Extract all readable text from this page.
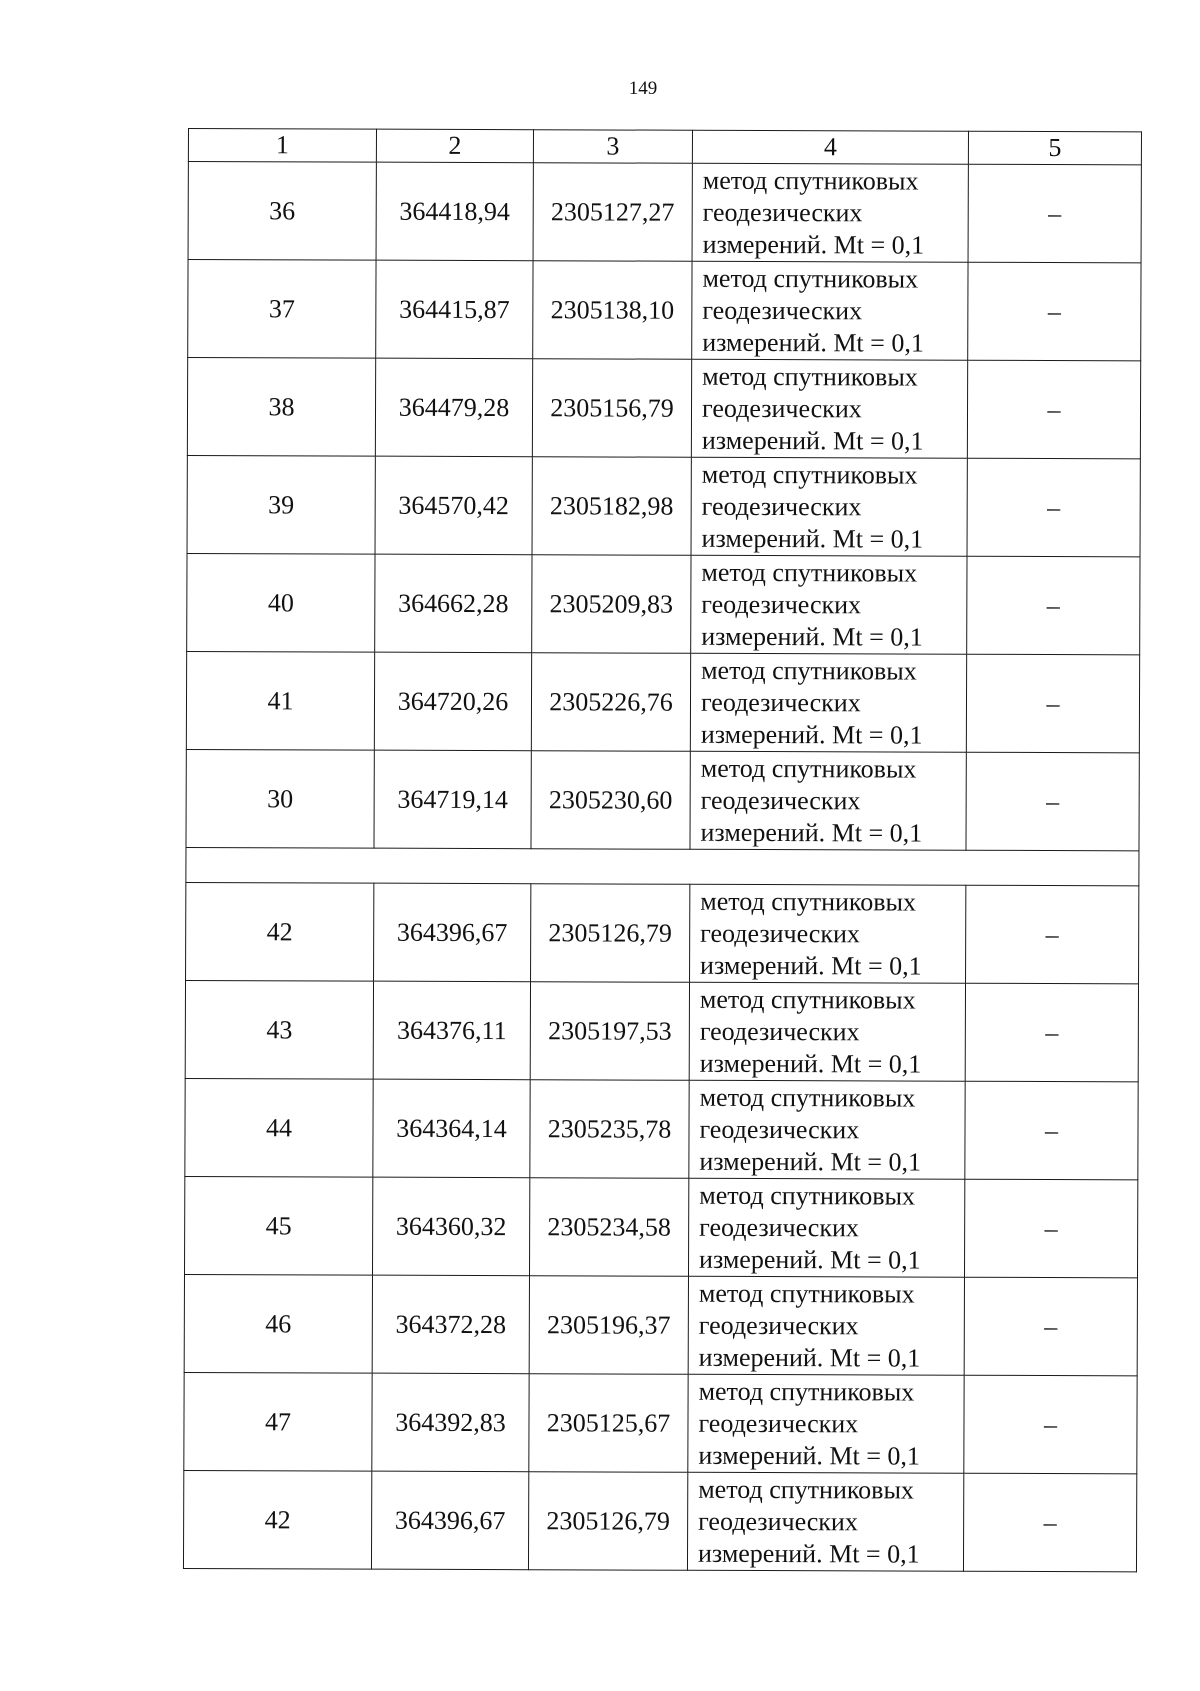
149
1	2	3	4	5
36	364418,94	2305127,27	метод спутниковых
геодезических
измерений. Mt = 0,1	–
37	364415,87	2305138,10	метод спутниковых
геодезических
измерений. Mt = 0,1	–
38	364479,28	2305156,79	метод спутниковых
геодезических
измерений. Mt = 0,1	–
39	364570,42	2305182,98	метод спутниковых
геодезических
измерений. Mt = 0,1	–
40	364662,28	2305209,83	метод спутниковых
геодезических
измерений. Mt = 0,1	–
41	364720,26	2305226,76	метод спутниковых
геодезических
измерений. Mt = 0,1	–
30	364719,14	2305230,60	метод спутниковых
геодезических
измерений. Mt = 0,1	–

42	364396,67	2305126,79	метод спутниковых
геодезических
измерений. Mt = 0,1	–
43	364376,11	2305197,53	метод спутниковых
геодезических
измерений. Mt = 0,1	–
44	364364,14	2305235,78	метод спутниковых
геодезических
измерений. Mt = 0,1	–
45	364360,32	2305234,58	метод спутниковых
геодезических
измерений. Mt = 0,1	–
46	364372,28	2305196,37	метод спутниковых
геодезических
измерений. Mt = 0,1	–
47	364392,83	2305125,67	метод спутниковых
геодезических
измерений. Mt = 0,1	–
42	364396,67	2305126,79	метод спутниковых
геодезических
измерений. Mt = 0,1	–
